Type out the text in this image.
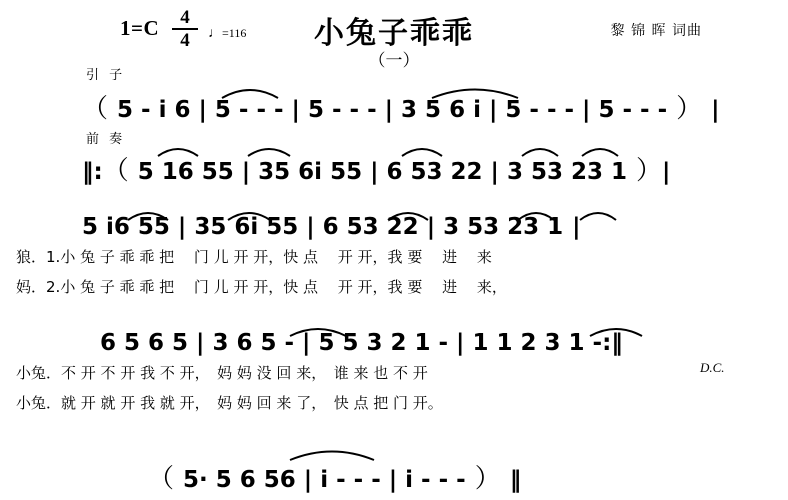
$1=C \frac{4}{4}$ ♩=116	小兔子乖乖
（一）
黎 锦 晖 词曲
引 子
（ 5 - i 6 | 5 - - - | 5 - - - | 3 5 6 i | 5 - - - | 5 - - - ） |
前 奏
‖:（ 5 16 55 | 35 6i 55 | 6 53 22 | 3 53 23 1 ）|
5 i6 55 | 35 6i 55 | 6 53 22 | 3 53 23 1 |
狼．1.小 兔 子 乖 乖 把　 门 儿 开 开，快 点　 开 开，我 要　 进　 来　
妈．2.小 兔 子 乖 乖 把　 门 儿 开 开，快 点　 开 开，我 要　 进　 来，
6 5 6 5 | 3 6 5 - | 5 5 3 2 1 - | 1 1 2 3 1 -:‖
D.C.
小兔．不 开 不 开 我 不 开，　妈 妈 没 回 来，　谁 来 也 不 开
小兔．就 开 就 开 我 就 开，　妈 妈 回 来 了，　快 点 把 门 开。
（ 5· 5 6 56 | i - - - | i - - - ） ‖
